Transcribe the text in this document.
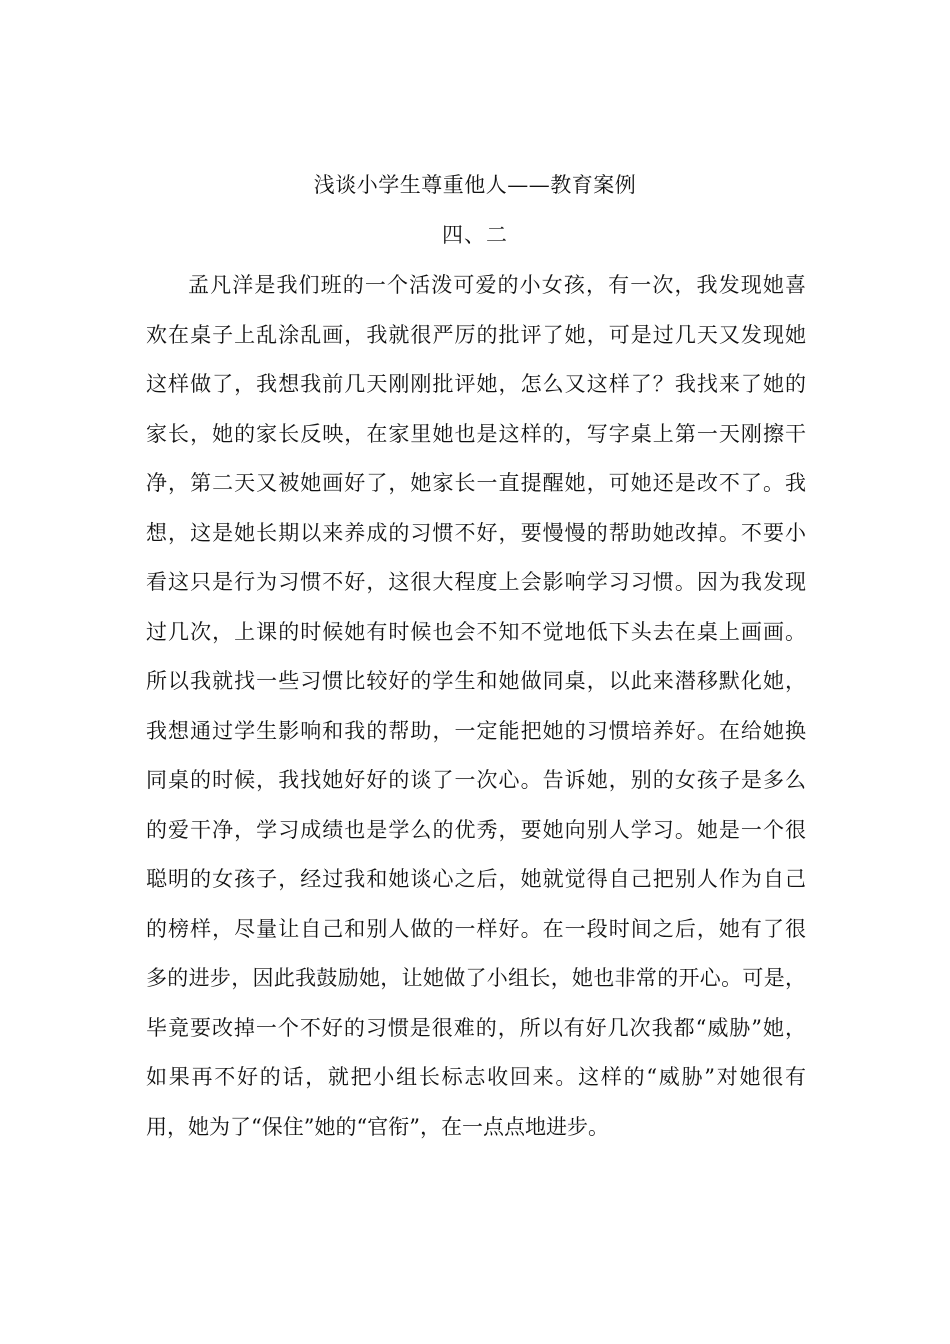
浅谈小学生尊重他人——教育案例
四、二
孟凡洋是我们班的一个活泼可爱的小女孩，有一次，我发现她喜
欢在桌子上乱涂乱画，我就很严厉的批评了她，可是过几天又发现她
这样做了，我想我前几天刚刚批评她，怎么又这样了？我找来了她的
家长，她的家长反映，在家里她也是这样的，写字桌上第一天刚擦干
净，第二天又被她画好了，她家长一直提醒她，可她还是改不了。我
想，这是她长期以来养成的习惯不好，要慢慢的帮助她改掉。不要小
看这只是行为习惯不好，这很大程度上会影响学习习惯。因为我发现
过几次，上课的时候她有时候也会不知不觉地低下头去在桌上画画。
所以我就找一些习惯比较好的学生和她做同桌，以此来潜移默化她，
我想通过学生影响和我的帮助，一定能把她的习惯培养好。在给她换
同桌的时候，我找她好好的谈了一次心。告诉她，别的女孩子是多么
的爱干净，学习成绩也是学么的优秀，要她向别人学习。她是一个很
聪明的女孩子，经过我和她谈心之后，她就觉得自己把别人作为自己
的榜样，尽量让自己和别人做的一样好。在一段时间之后，她有了很
多的进步，因此我鼓励她，让她做了小组长，她也非常的开心。可是，
毕竟要改掉一个不好的习惯是很难的，所以有好几次我都“威胁”她，
如果再不好的话，就把小组长标志收回来。这样的“威胁”对她很有
用，她为了“保住”她的“官衔”，在一点点地进步。
